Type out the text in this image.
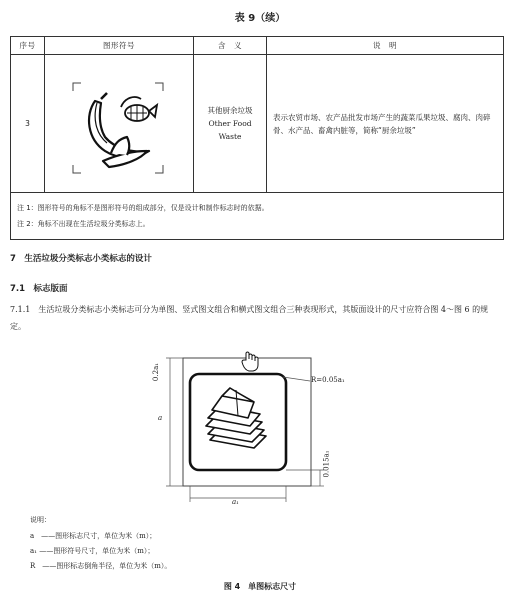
表 9（续）
序号	图形符号	含　义	说　明
3		其他厨余垃圾
Other Food
Waste	表示农贸市场、农产品批发市场产生的蔬菜瓜果垃圾、腐肉、肉碎骨、水产品、畜禽内脏等，简称“厨余垃圾”

注 1：图形符号的角标不是图形符号的组成部分，仅是设计和制作标志时的依据。
注 2：角标不出现在生活垃圾分类标志上。			
7　生活垃圾分类标志小类标志的设计
7.1　标志版面
7.1.1　生活垃圾分类标志小类标志可分为单图、竖式图文组合和横式图文组合三种表现形式，其版面设计的尺寸应符合图 4～图 6 的规定。
0.2a₁
a
R=0.05a₁
0.015a₁
a₁
说明：
a　——图形标志尺寸，单位为米（m）；
a₁ ——图形符号尺寸，单位为米（m）；
R　——图形标志倒角半径，单位为米（m）。
图 4　单图标志尺寸
